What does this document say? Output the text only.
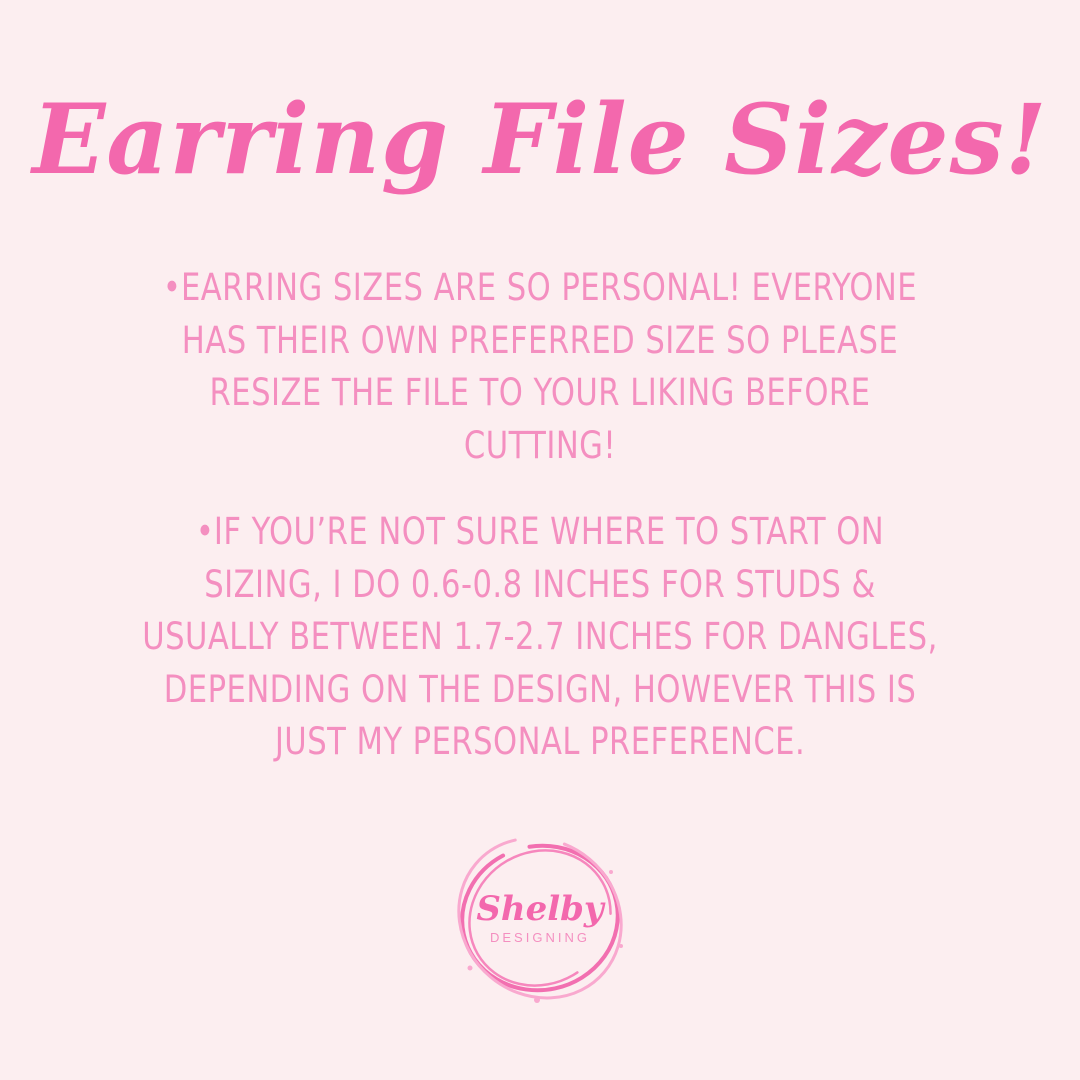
Earring File Sizes!
•EARRING SIZES ARE SO PERSONAL! EVERYONE HAS THEIR OWN PREFERRED SIZE SO PLEASE RESIZE THE FILE TO YOUR LIKING BEFORE CUTTING!
•IF YOU’RE NOT SURE WHERE TO START ON SIZING, I DO 0.6-0.8 INCHES FOR STUDS & USUALLY BETWEEN 1.7-2.7 INCHES FOR DANGLES, DEPENDING ON THE DESIGN, HOWEVER THIS IS JUST MY PERSONAL PREFERENCE.
Shelby
DESIGNING
